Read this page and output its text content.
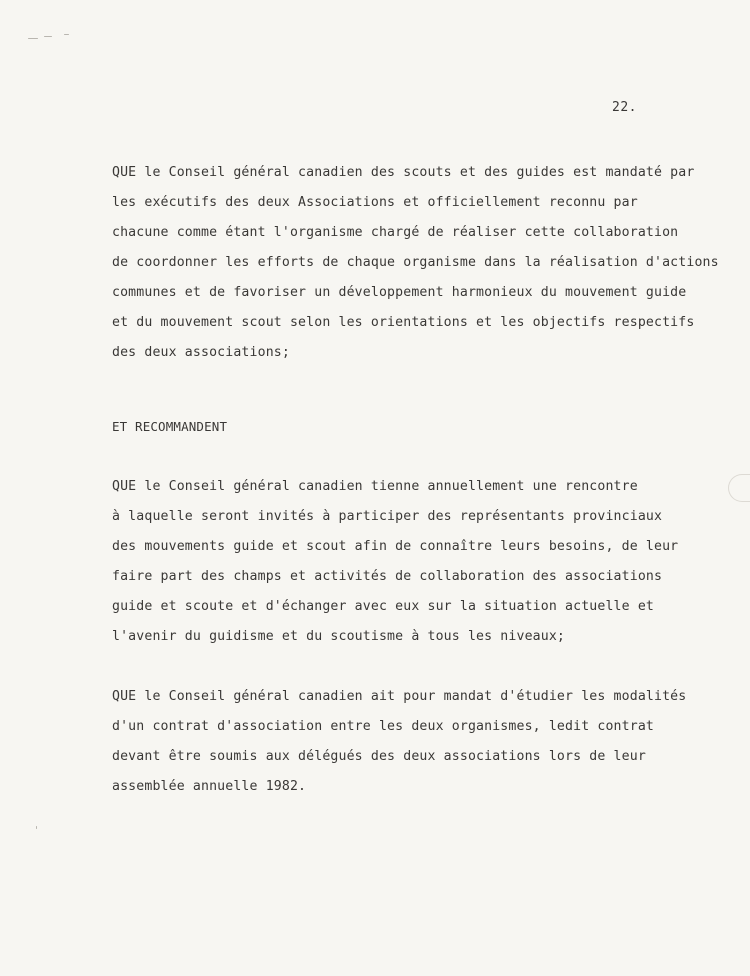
22.
QUE le Conseil général canadien des scouts et des guides est mandaté par
les exécutifs des deux Associations et officiellement reconnu par
chacune comme étant l'organisme chargé de réaliser cette collaboration
de coordonner les efforts de chaque organisme dans la réalisation d'actions
communes et de favoriser un développement harmonieux du mouvement guide
et du mouvement scout selon les orientations et les objectifs respectifs
des deux associations;
ET RECOMMANDENT
QUE le Conseil général canadien tienne annuellement une rencontre
à laquelle seront invités à participer des représentants provinciaux
des mouvements guide et scout afin de connaître leurs besoins, de leur
faire part des champs et activités de collaboration des associations
guide et scoute et d'échanger avec eux sur la situation actuelle et
l'avenir du guidisme et du scoutisme à tous les niveaux;
QUE le Conseil général canadien ait pour mandat d'étudier les modalités
d'un contrat d'association entre les deux organismes, ledit contrat
devant être soumis aux délégués des deux associations lors de leur
assemblée annuelle 1982.
